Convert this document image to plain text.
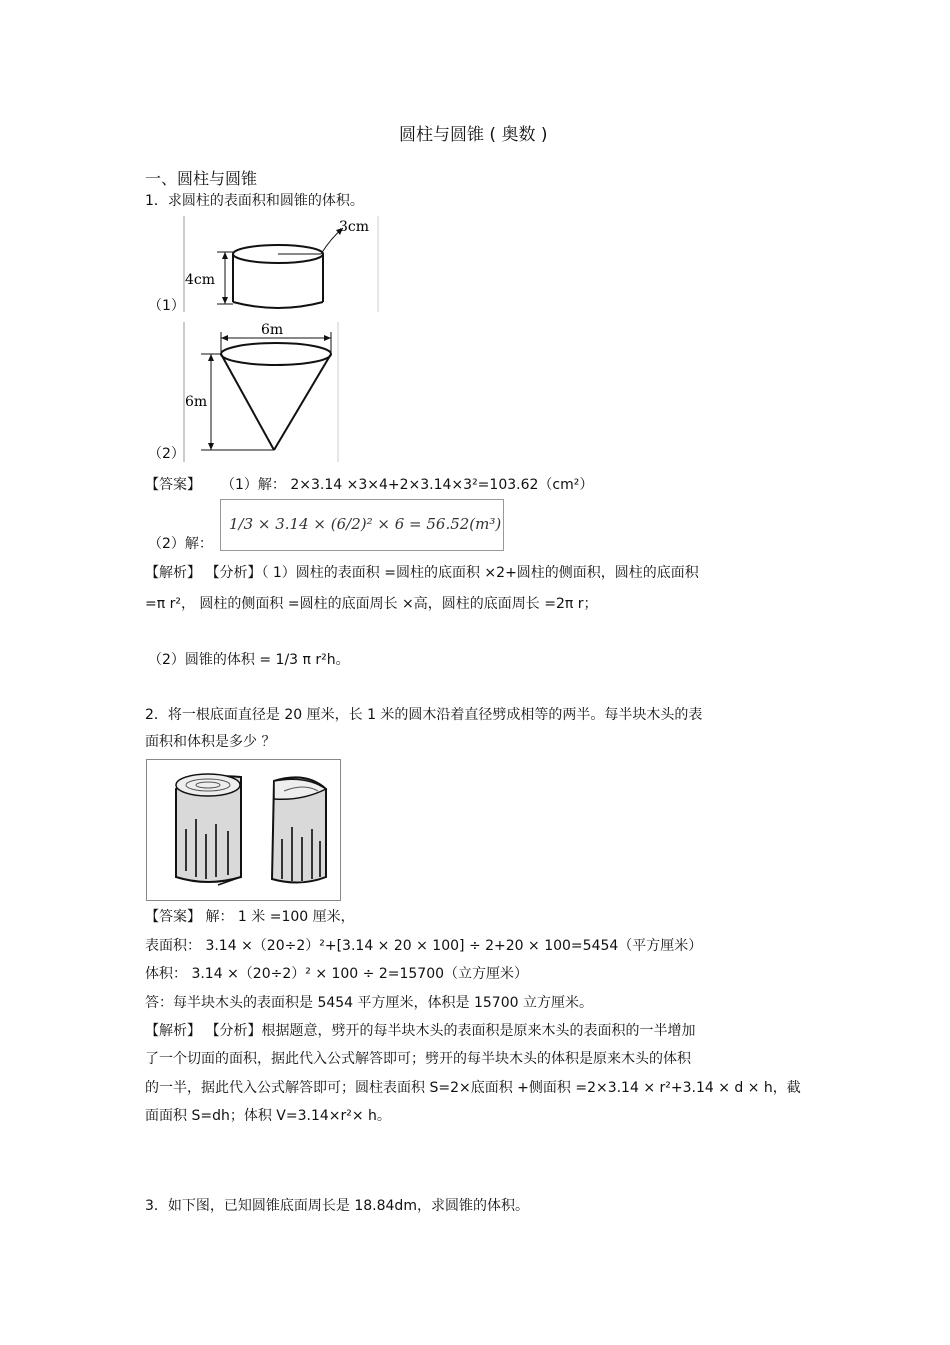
圆柱与圆锥 ( 奥数 )
一、圆柱与圆锥
1．求圆柱的表面积和圆锥的体积。
（1）
3cm
4cm
（2）
6m
6m
【答案】 （1）解： 2×3.14 ×3×4+2×3.14×3²=103.62（cm²）
（2）解：
1/3 × 3.14 × (6/2)² × 6 = 56.52(m³)
【解析】 【分析】（ 1）圆柱的表面积 =圆柱的底面积 ×2+圆柱的侧面积，圆柱的底面积
=π r²， 圆柱的侧面积 =圆柱的底面周长 ×高，圆柱的底面周长 =2π r；
（2）圆锥的体积 = 1/3 π r²h。
2．将一根底面直径是 20 厘米，长 1 米的圆木沿着直径劈成相等的两半。每半块木头的表
面积和体积是多少 ？
【答案】 解： 1 米 =100 厘米，
表面积： 3.14 ×（20÷2）²+[3.14 × 20 × 100] ÷ 2+20 × 100=5454（平方厘米）
体积： 3.14 ×（20÷2）² × 100 ÷ 2=15700（立方厘米）
答：每半块木头的表面积是 5454 平方厘米，体积是 15700 立方厘米。
【解析】 【分析】根据题意，劈开的每半块木头的表面积是原来木头的表面积的一半增加
了一个切面的面积，据此代入公式解答即可；劈开的每半块木头的体积是原来木头的体积
的一半，据此代入公式解答即可；圆柱表面积 S=2×底面积 +侧面积 =2×3.14 × r²+3.14 × d × h，截
面面积 S=dh；体积 V=3.14×r²× h。
3．如下图，已知圆锥底面周长是 18.84dm，求圆锥的体积。
